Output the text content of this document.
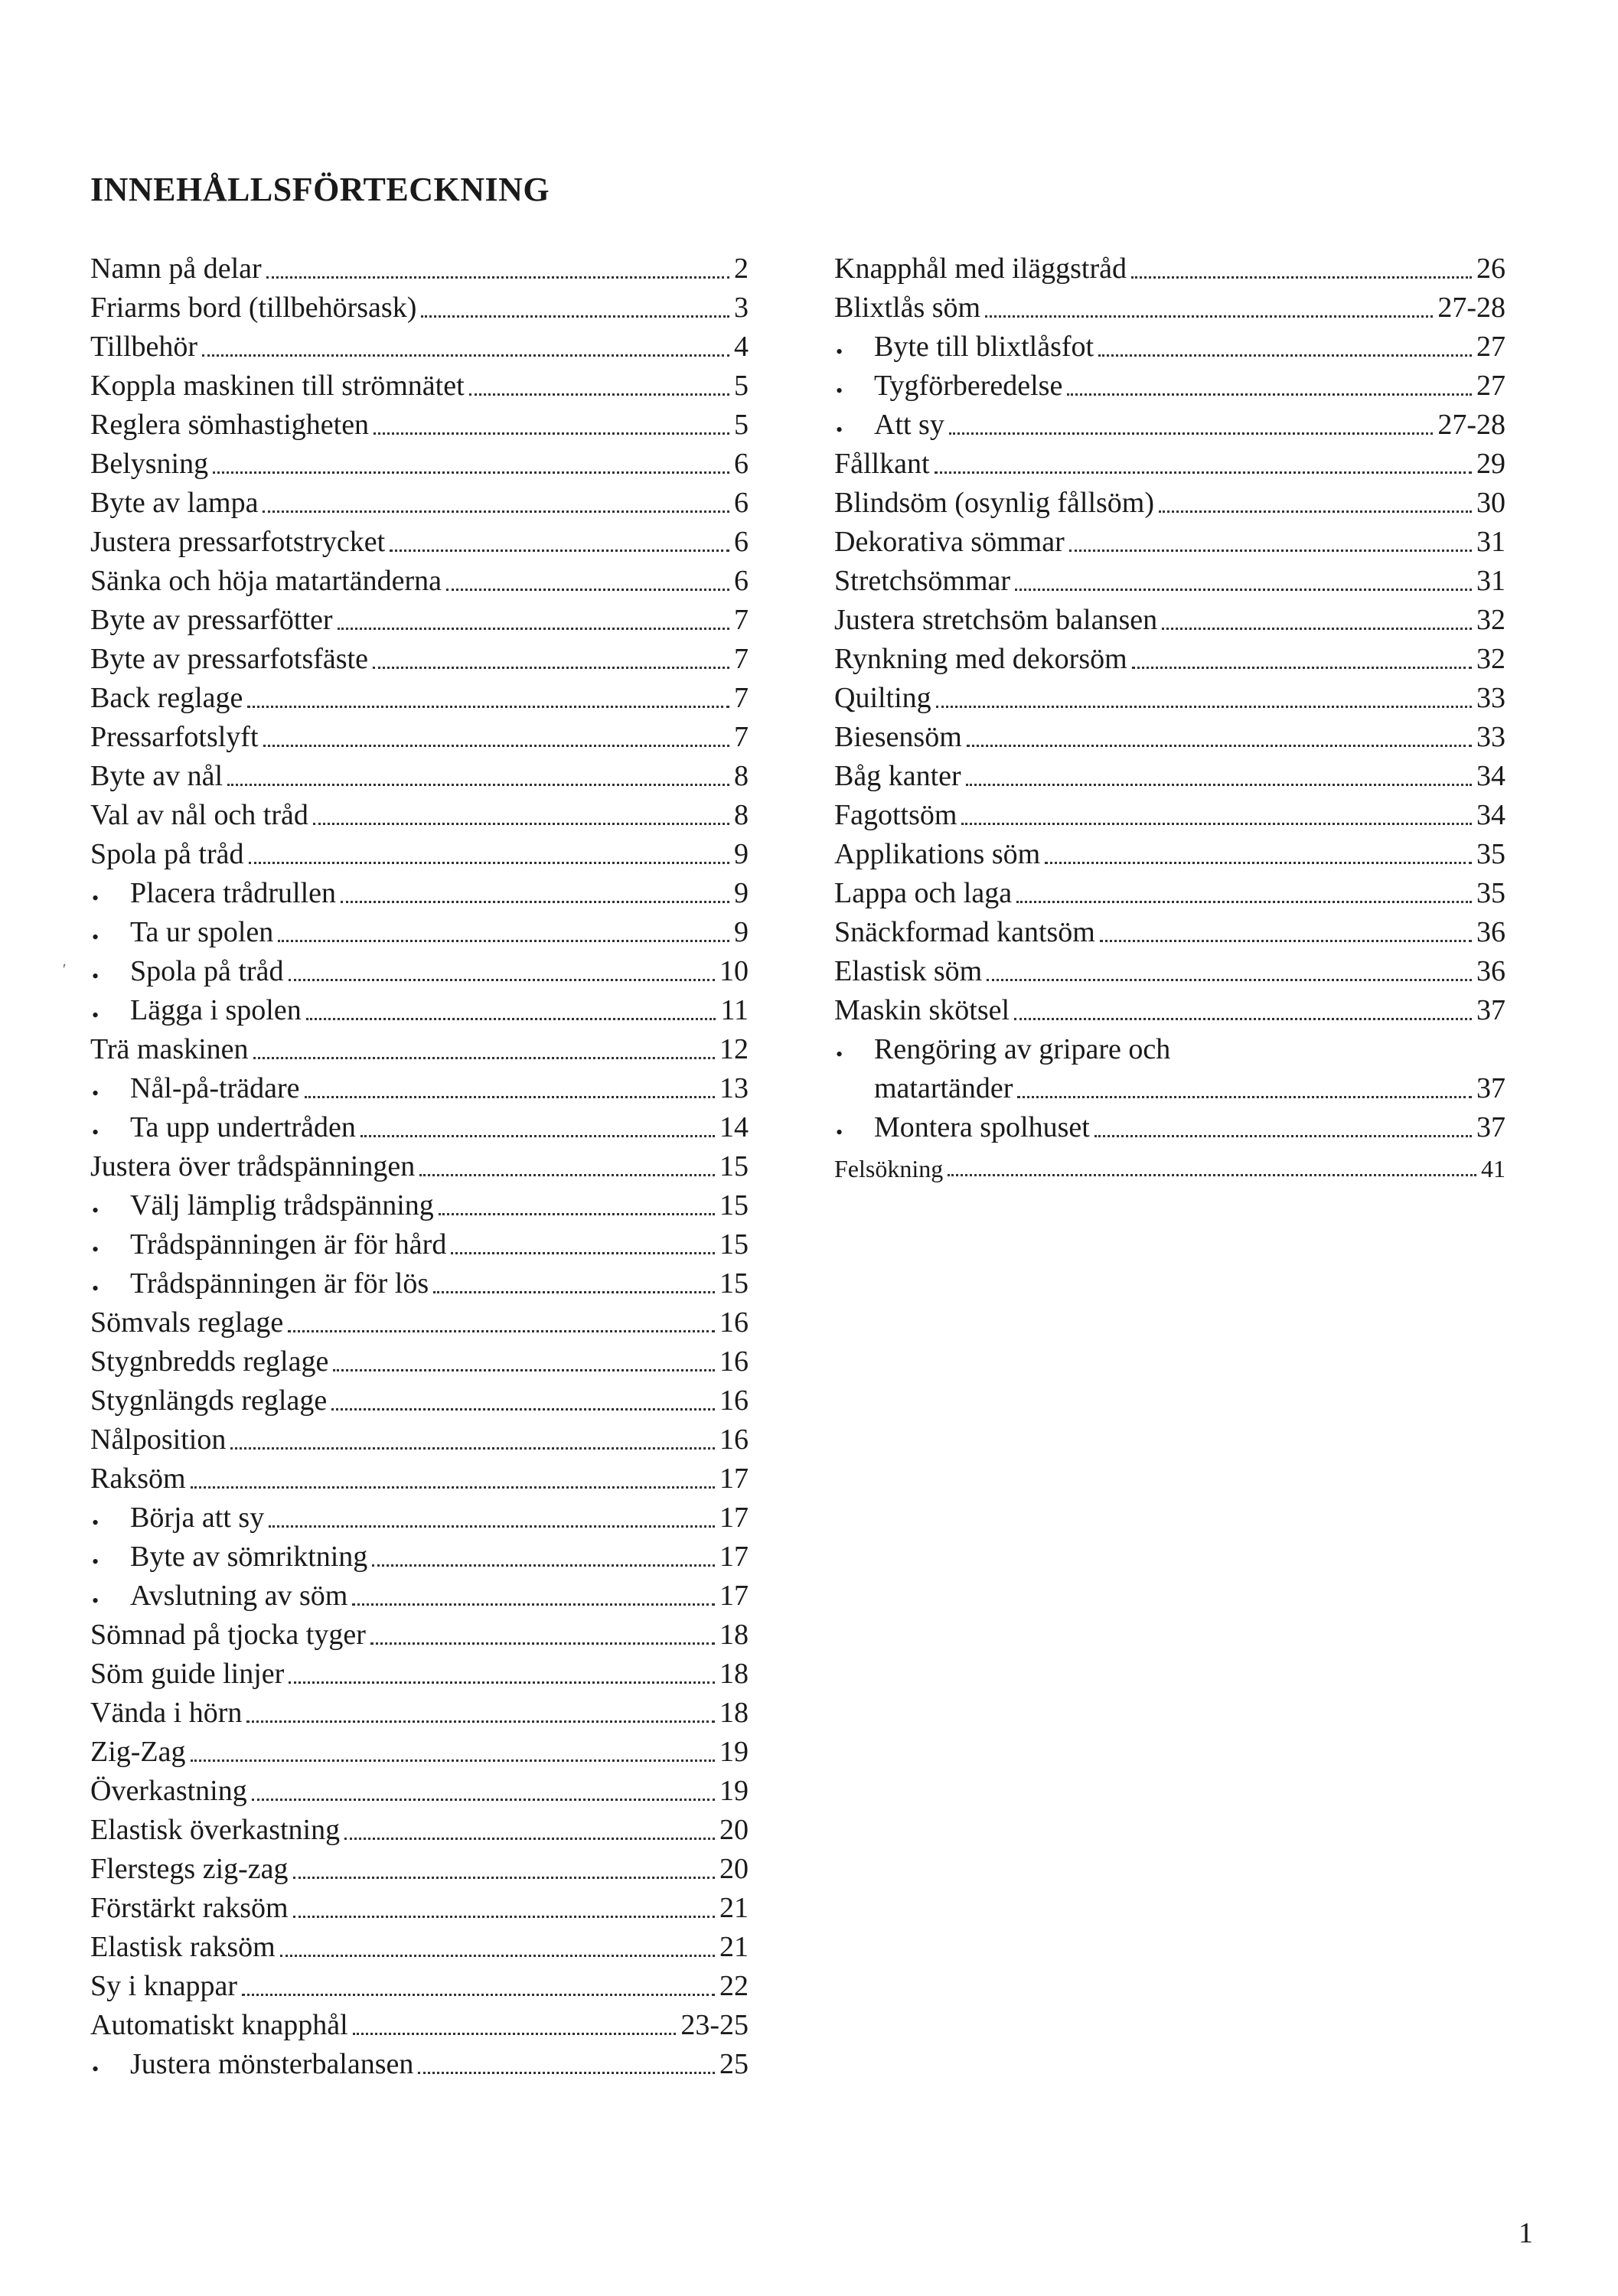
INNEHÅLLSFÖRTECKNING
Namn på delar	2
Friarms bord (tillbehörsask)	3
Tillbehör	4
Koppla maskinen till strömnätet	5
Reglera sömhastigheten	5
Belysning	6
Byte av lampa	6
Justera pressarfotstrycket	6
Sänka och höja matartänderna	6
Byte av pressarfötter	7
Byte av pressarfotsfäste	7
Back reglage	7
Pressarfotslyft	7
Byte av nål	8
Val av nål och tråd	8
Spola på tråd	9
•	Placera trådrullen	9
•	Ta ur spolen	9
•	Spola på tråd	10
•	Lägga i spolen	11
Trä maskinen	12
•	Nål-på-trädare	13
•	Ta upp undertråden	14
Justera över trådspänningen	15
•	Välj lämplig trådspänning	15
•	Trådspänningen är för hård	15
•	Trådspänningen är för lös	15
Sömvals reglage	16
Stygnbredds reglage	16
Stygnlängds reglage	16
Nålposition	16
Raksöm	17
•	Börja att sy	17
•	Byte av sömriktning	17
•	Avslutning av söm	17
Sömnad på tjocka tyger	18
Söm guide linjer	18
Vända i hörn	18
Zig-Zag	19
Överkastning	19
Elastisk överkastning	20
Flerstegs zig-zag	20
Förstärkt raksöm	21
Elastisk raksöm	21
Sy i knappar	22
Automatiskt knapphål	23-25
•	Justera mönsterbalansen	25
Knapphål med iläggstråd	26
Blixtlås söm	27-28
•	Byte till blixtlåsfot	27
•	Tygförberedelse	27
•	Att sy	27-28
Fållkant	29
Blindsöm (osynlig fållsöm)	30
Dekorativa sömmar	31
Stretchsömmar	31
Justera stretchsöm balansen	32
Rynkning med dekorsöm	32
Quilting	33
Biesensöm	33
Båg kanter	34
Fagottsöm	34
Applikations söm	35
Lappa och laga	35
Snäckformad kantsöm	36
Elastisk söm	36
Maskin skötsel	37
•	Rengöring av gripare och
matartänder	37
•	Montera spolhuset	37
Felsökning	41
ʹ
1
